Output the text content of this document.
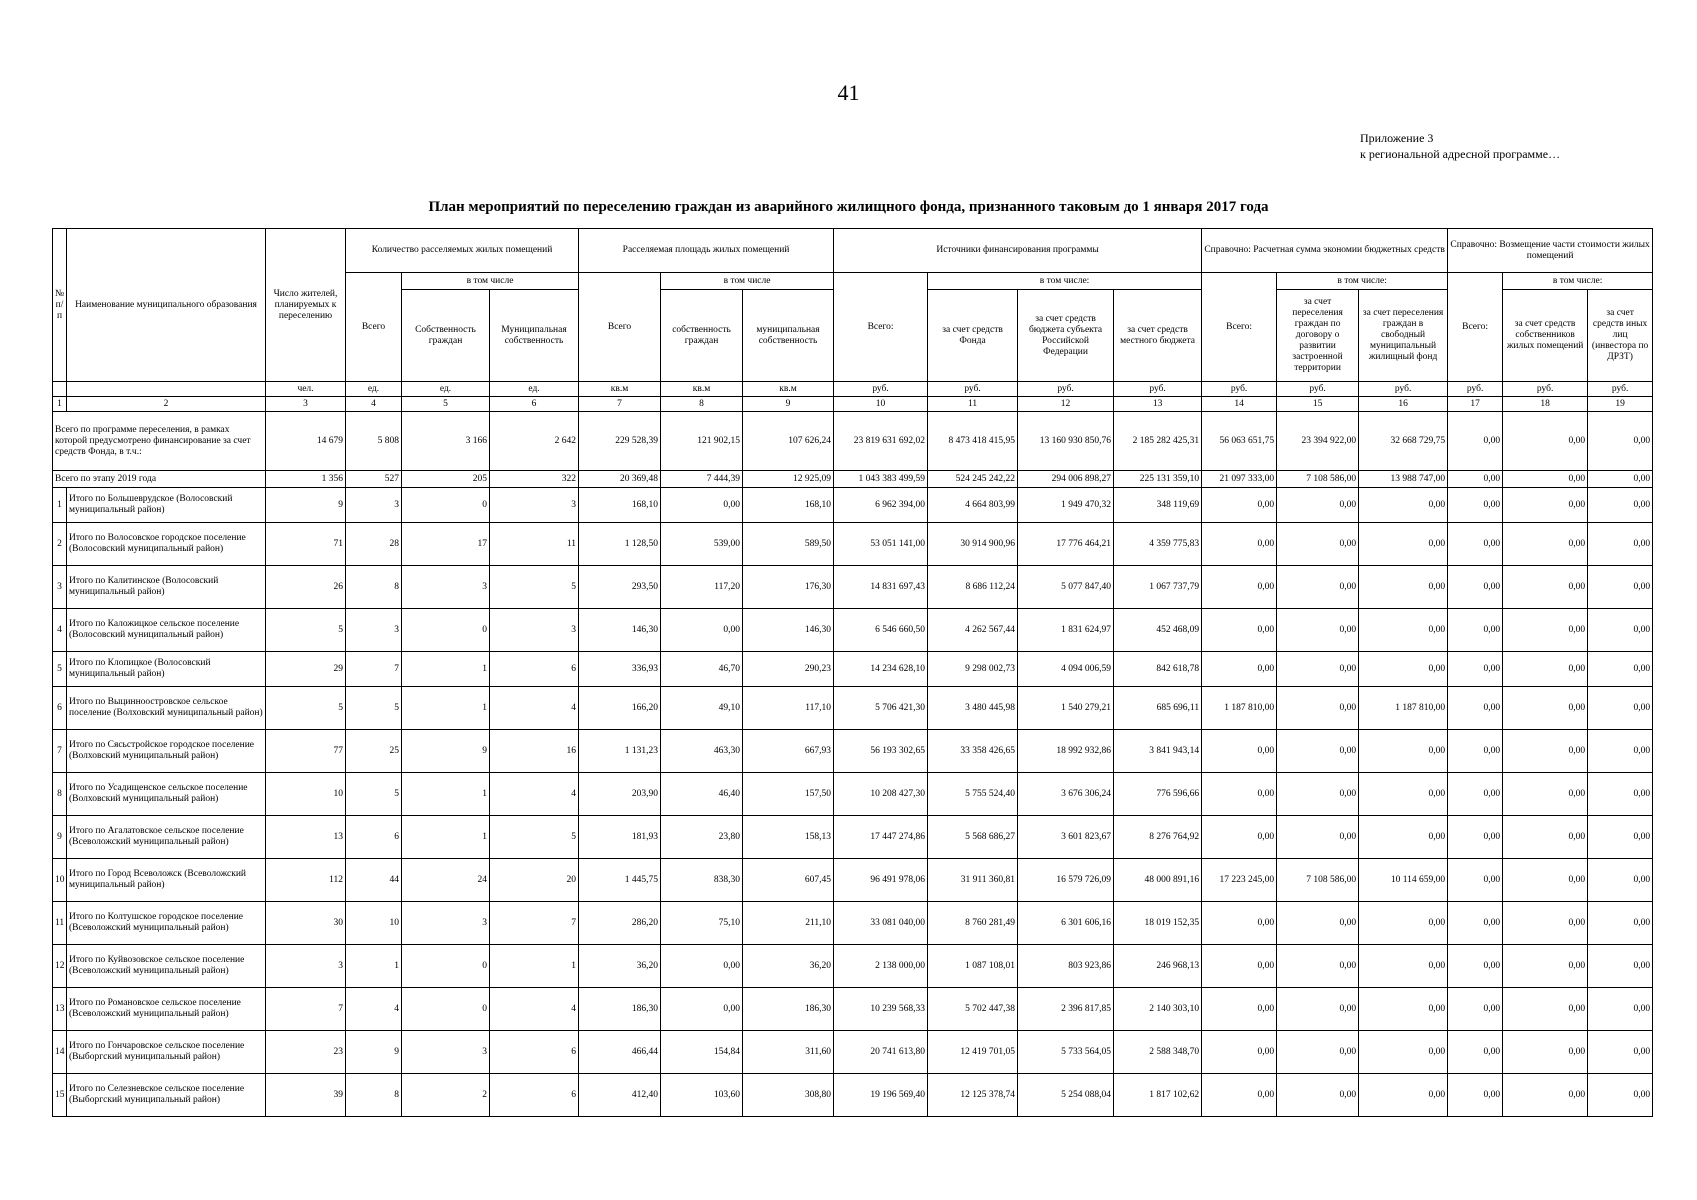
41
Приложение 3
к региональной адресной программе…
План мероприятий по переселению граждан из аварийного жилищного фонда, признанного таковым до 1 января 2017 года
№ п/п	Наименование муниципального образования	Число жителей, планируемых к переселению	Количество расселяемых жилых помещений			Расселяемая площадь жилых помещений			Источники финансирования программы				Справочно: Расчетная сумма экономии бюджетных средств			Справочно: Возмещение части стоимости жилых помещений		
			Всего	в том числе		Всего	в том числе		Всего:	в том числе:			Всего:	в том числе:		Всего:	в том числе:	
				Собственность граждан	Муниципальная собственность		собственность граждан	муниципальная собственность		за счет средств Фонда	за счет средств бюджета субъекта Российской Федерации	за счет средств местного бюджета		за счет переселения граждан по договору о развитии застроенной территории	за счет переселения граждан в свободный муниципальный жилищный фонд		за счет средств собственников жилых помещений	за счет средств иных лиц (инвестора по ДРЗТ)
		чел.	ед.	ед.	ед.	кв.м	кв.м	кв.м	руб.	руб.	руб.	руб.	руб.	руб.	руб.	руб.	руб.	руб.
1	2	3	4	5	6	7	8	9	10	11	12	13	14	15	16	17	18	19
Всего по программе переселения, в рамках которой предусмотрено финансирование за счет средств Фонда, в т.ч.:		14 679	5 808	3 166	2 642	229 528,39	121 902,15	107 626,24	23 819 631 692,02	8 473 418 415,95	13 160 930 850,76	2 185 282 425,31	56 063 651,75	23 394 922,00	32 668 729,75	0,00	0,00	0,00
Всего по этапу 2019 года		1 356	527	205	322	20 369,48	7 444,39	12 925,09	1 043 383 499,59	524 245 242,22	294 006 898,27	225 131 359,10	21 097 333,00	7 108 586,00	13 988 747,00	0,00	0,00	0,00
1	Итого по Большеврудское (Волосовский муниципальный район)	9	3	0	3	168,10	0,00	168,10	6 962 394,00	4 664 803,99	1 949 470,32	348 119,69	0,00	0,00	0,00	0,00	0,00	0,00
2	Итого по Волосовское городское поселение (Волосовский муниципальный район)	71	28	17	11	1 128,50	539,00	589,50	53 051 141,00	30 914 900,96	17 776 464,21	4 359 775,83	0,00	0,00	0,00	0,00	0,00	0,00
3	Итого по Калитинское (Волосовский муниципальный район)	26	8	3	5	293,50	117,20	176,30	14 831 697,43	8 686 112,24	5 077 847,40	1 067 737,79	0,00	0,00	0,00	0,00	0,00	0,00
4	Итого по Каложицкое сельское поселение (Волосовский муниципальный район)	5	3	0	3	146,30	0,00	146,30	6 546 660,50	4 262 567,44	1 831 624,97	452 468,09	0,00	0,00	0,00	0,00	0,00	0,00
5	Итого по Клопицкое (Волосовский муниципальный район)	29	7	1	6	336,93	46,70	290,23	14 234 628,10	9 298 002,73	4 094 006,59	842 618,78	0,00	0,00	0,00	0,00	0,00	0,00
6	Итого по Выцинноостровское сельское поселение (Волховский муниципальный район)	5	5	1	4	166,20	49,10	117,10	5 706 421,30	3 480 445,98	1 540 279,21	685 696,11	1 187 810,00	0,00	1 187 810,00	0,00	0,00	0,00
7	Итого по Сясьстройское городское поселение (Волховский муниципальный район)	77	25	9	16	1 131,23	463,30	667,93	56 193 302,65	33 358 426,65	18 992 932,86	3 841 943,14	0,00	0,00	0,00	0,00	0,00	0,00
8	Итого по Усадищенское сельское поселение (Волховский муниципальный район)	10	5	1	4	203,90	46,40	157,50	10 208 427,30	5 755 524,40	3 676 306,24	776 596,66	0,00	0,00	0,00	0,00	0,00	0,00
9	Итого по Агалатовское сельское поселение (Всеволожский муниципальный район)	13	6	1	5	181,93	23,80	158,13	17 447 274,86	5 568 686,27	3 601 823,67	8 276 764,92	0,00	0,00	0,00	0,00	0,00	0,00
10	Итого по Город Всеволожск (Всеволожский муниципальный район)	112	44	24	20	1 445,75	838,30	607,45	96 491 978,06	31 911 360,81	16 579 726,09	48 000 891,16	17 223 245,00	7 108 586,00	10 114 659,00	0,00	0,00	0,00
11	Итого по Колтушское городское поселение (Всеволожский муниципальный район)	30	10	3	7	286,20	75,10	211,10	33 081 040,00	8 760 281,49	6 301 606,16	18 019 152,35	0,00	0,00	0,00	0,00	0,00	0,00
12	Итого по Куйвозовское сельское поселение (Всеволожский муниципальный район)	3	1	0	1	36,20	0,00	36,20	2 138 000,00	1 087 108,01	803 923,86	246 968,13	0,00	0,00	0,00	0,00	0,00	0,00
13	Итого по Романовское сельское поселение (Всеволожский муниципальный район)	7	4	0	4	186,30	0,00	186,30	10 239 568,33	5 702 447,38	2 396 817,85	2 140 303,10	0,00	0,00	0,00	0,00	0,00	0,00
14	Итого по Гончаровское сельское поселение (Выборгский муниципальный район)	23	9	3	6	466,44	154,84	311,60	20 741 613,80	12 419 701,05	5 733 564,05	2 588 348,70	0,00	0,00	0,00	0,00	0,00	0,00
15	Итого по Селезневское сельское поселение (Выборгский муниципальный район)	39	8	2	6	412,40	103,60	308,80	19 196 569,40	12 125 378,74	5 254 088,04	1 817 102,62	0,00	0,00	0,00	0,00	0,00	0,00
